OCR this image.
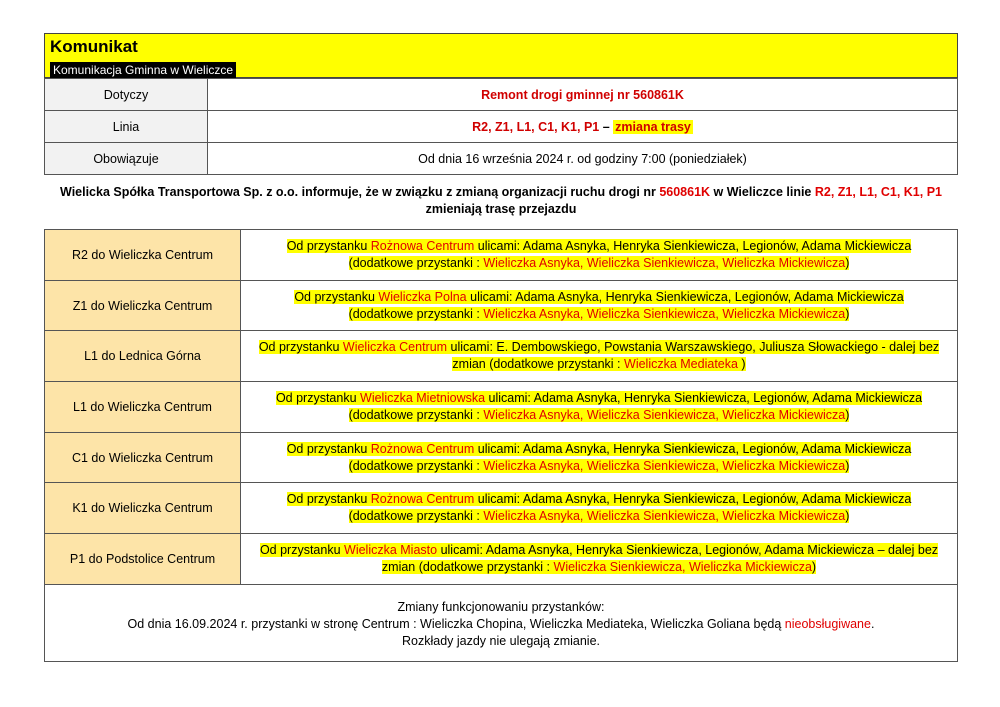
Komunikat
Komunikacja Gminna w Wieliczce
Dotyczy	Remont drogi gminnej nr 560861K
Linia	R2, Z1, L1, C1, K1, P1 – zmiana trasy
Obowiązuje	Od dnia 16 września 2024 r. od godziny 7:00 (poniedziałek)
Wielicka Spółka Transportowa Sp. z o.o. informuje, że w związku z zmianą organizacji ruchu drogi nr 560861K w Wieliczce linie R2, Z1, L1, C1, K1, P1
zmieniają trasę przejazdu
R2 do Wieliczka Centrum	Od przystanku Rożnowa Centrum ulicami: Adama Asnyka, Henryka Sienkiewicza, Legionów, Adama Mickiewicza
(dodatkowe przystanki : Wieliczka Asnyka, Wieliczka Sienkiewicza, Wieliczka Mickiewicza)
Z1 do Wieliczka Centrum	Od przystanku Wieliczka Polna ulicami: Adama Asnyka, Henryka Sienkiewicza, Legionów, Adama Mickiewicza
(dodatkowe przystanki : Wieliczka Asnyka, Wieliczka Sienkiewicza, Wieliczka Mickiewicza)
L1 do Lednica Górna	Od przystanku Wieliczka Centrum ulicami: E. Dembowskiego, Powstania Warszawskiego, Juliusza Słowackiego - dalej bez
zmian (dodatkowe przystanki : Wieliczka Mediateka )
L1 do Wieliczka Centrum	Od przystanku Wieliczka Mietniowska ulicami: Adama Asnyka, Henryka Sienkiewicza, Legionów, Adama Mickiewicza
(dodatkowe przystanki : Wieliczka Asnyka, Wieliczka Sienkiewicza, Wieliczka Mickiewicza)
C1 do Wieliczka Centrum	Od przystanku Rożnowa Centrum ulicami: Adama Asnyka, Henryka Sienkiewicza, Legionów, Adama Mickiewicza
(dodatkowe przystanki : Wieliczka Asnyka, Wieliczka Sienkiewicza, Wieliczka Mickiewicza)
K1 do Wieliczka Centrum	Od przystanku Rożnowa Centrum ulicami: Adama Asnyka, Henryka Sienkiewicza, Legionów, Adama Mickiewicza
(dodatkowe przystanki : Wieliczka Asnyka, Wieliczka Sienkiewicza, Wieliczka Mickiewicza)
P1 do Podstolice Centrum	Od przystanku Wieliczka Miasto ulicami: Adama Asnyka, Henryka Sienkiewicza, Legionów, Adama Mickiewicza – dalej bez
zmian (dodatkowe przystanki : Wieliczka Sienkiewicza, Wieliczka Mickiewicza)
Zmiany funkcjonowaniu przystanków:
Od dnia 16.09.2024 r. przystanki w stronę Centrum : Wieliczka Chopina, Wieliczka Mediateka, Wieliczka Goliana będą nieobsługiwane.
Rozkłady jazdy nie ulegają zmianie.
